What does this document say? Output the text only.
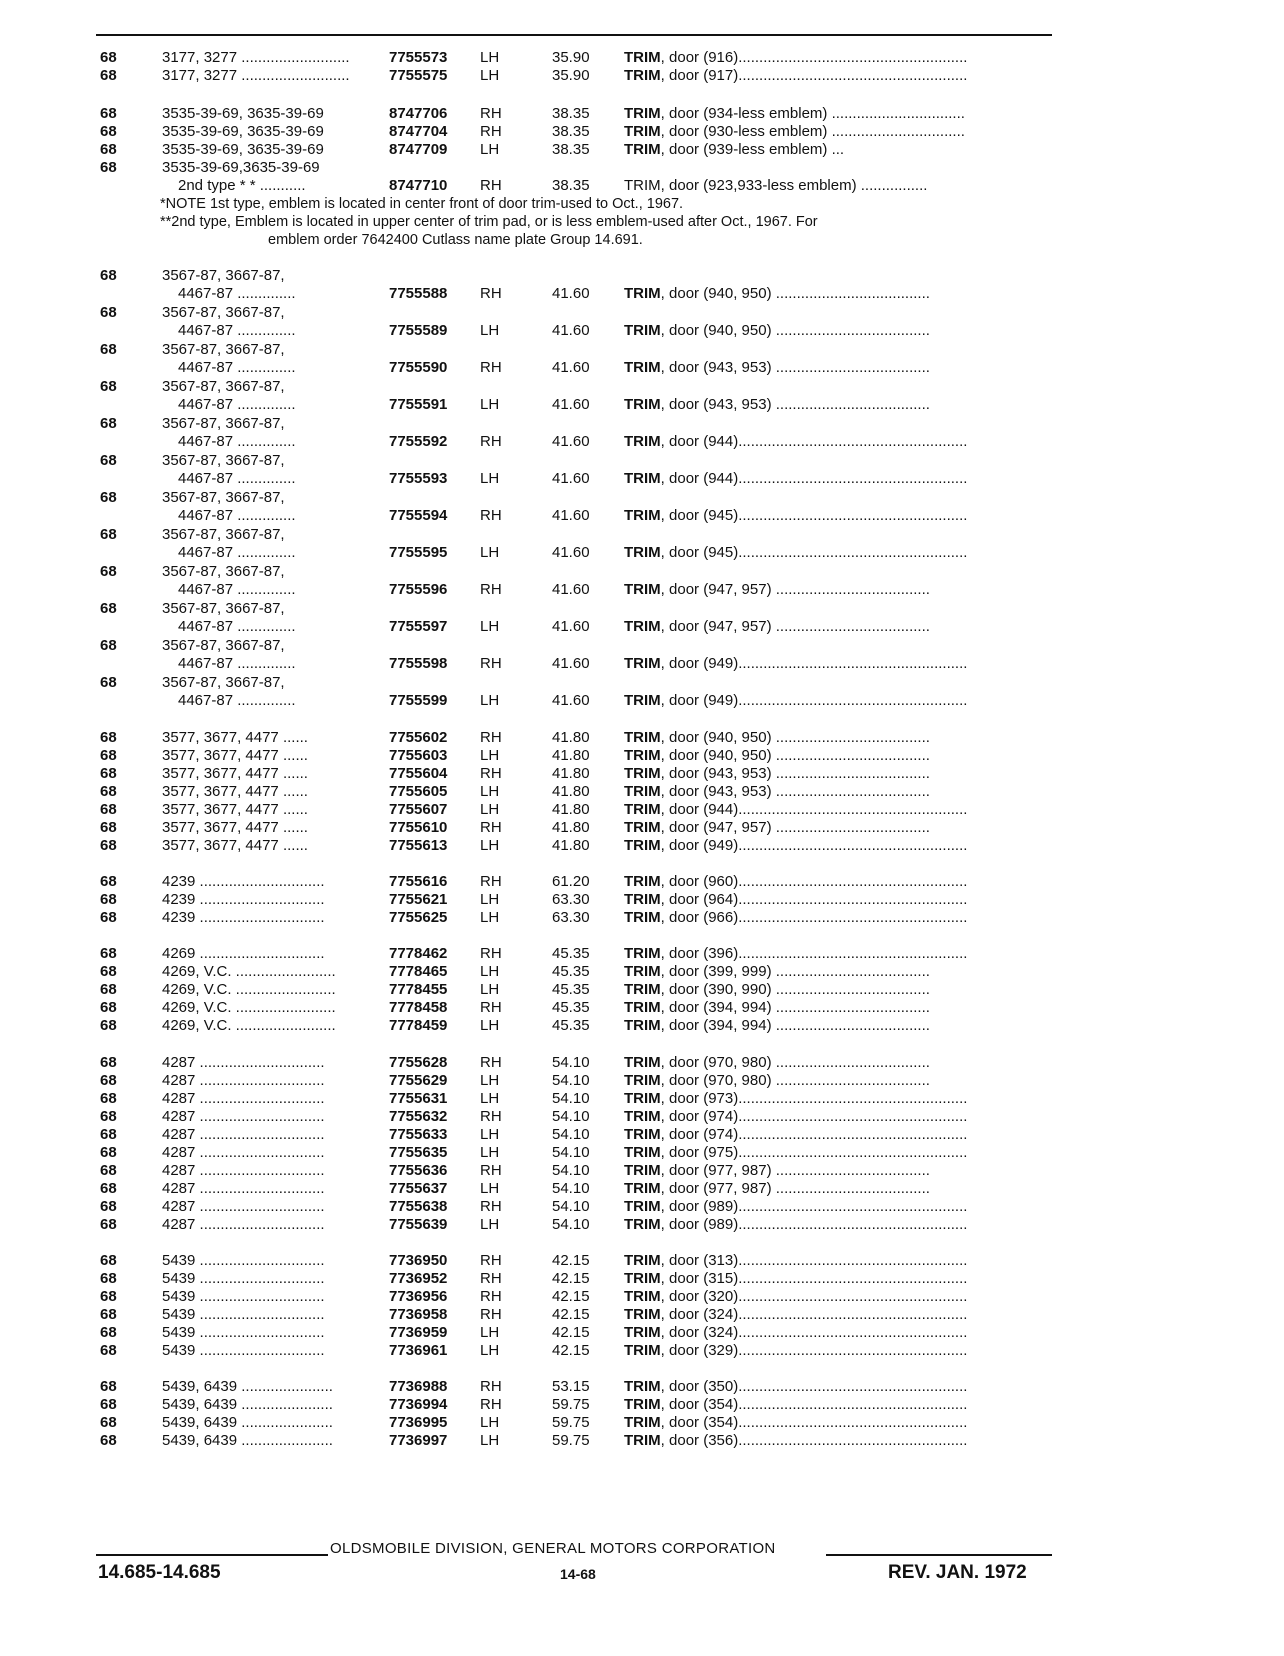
68	3177, 3277 ..........................	7755573 LH	35.90 TRIM, door (916).......................................................
68	3177, 3277 ..........................	7755575 LH	35.90 TRIM, door (917).......................................................
68	3535-39-69, 3635-39-69	8747706 RH	38.35 TRIM, door (934-less emblem) ................................
68	3535-39-69, 3635-39-69	8747704 RH	38.35 TRIM, door (930-less emblem) ................................
68	3535-39-69, 3635-39-69	8747709 LH	38.35 TRIM, door (939-less emblem) ...
68	3535-39-69,3635-39-69
2nd type * * ...........	8747710 RH	38.35 TRIM, door (923,933-less emblem) ................
68	3567-87, 3667-87,
4467-87 ..............	7755588 RH	41.60 TRIM, door (940, 950) .....................................
68	3567-87, 3667-87,
4467-87 ..............	7755589 LH	41.60 TRIM, door (940, 950) .....................................
68	3567-87, 3667-87,
4467-87 ..............	7755590 RH	41.60 TRIM, door (943, 953) .....................................
68	3567-87, 3667-87,
4467-87 ..............	7755591 LH	41.60 TRIM, door (943, 953) .....................................
68	3567-87, 3667-87,
4467-87 ..............	7755592 RH	41.60 TRIM, door (944).......................................................
68	3567-87, 3667-87,
4467-87 ..............	7755593 LH	41.60 TRIM, door (944).......................................................
68	3567-87, 3667-87,
4467-87 ..............	7755594 RH	41.60 TRIM, door (945).......................................................
68	3567-87, 3667-87,
4467-87 ..............	7755595 LH	41.60 TRIM, door (945).......................................................
68	3567-87, 3667-87,
4467-87 ..............	7755596 RH	41.60 TRIM, door (947, 957) .....................................
68	3567-87, 3667-87,
4467-87 ..............	7755597 LH	41.60 TRIM, door (947, 957) .....................................
68	3567-87, 3667-87,
4467-87 ..............	7755598 RH	41.60 TRIM, door (949).......................................................
68	3567-87, 3667-87,
4467-87 ..............	7755599 LH	41.60 TRIM, door (949).......................................................
68	3577, 3677, 4477 ......	7755602 RH	41.80 TRIM, door (940, 950) .....................................
68	3577, 3677, 4477 ......	7755603 LH	41.80 TRIM, door (940, 950) .....................................
68	3577, 3677, 4477 ......	7755604 RH	41.80 TRIM, door (943, 953) .....................................
68	3577, 3677, 4477 ......	7755605 LH	41.80 TRIM, door (943, 953) .....................................
68	3577, 3677, 4477 ......	7755607 LH	41.80 TRIM, door (944).......................................................
68	3577, 3677, 4477 ......	7755610 RH	41.80 TRIM, door (947, 957) .....................................
68	3577, 3677, 4477 ......	7755613 LH	41.80 TRIM, door (949).......................................................
68	4239 ..............................	7755616 RH	61.20 TRIM, door (960).......................................................
68	4239 ..............................	7755621 LH	63.30 TRIM, door (964).......................................................
68	4239 ..............................	7755625 LH	63.30 TRIM, door (966).......................................................
68	4269 ..............................	7778462 RH	45.35 TRIM, door (396).......................................................
68	4269, V.C. ........................	7778465 LH	45.35 TRIM, door (399, 999) .....................................
68	4269, V.C. ........................	7778455 LH	45.35 TRIM, door (390, 990) .....................................
68	4269, V.C. ........................	7778458 RH	45.35 TRIM, door (394, 994) .....................................
68	4269, V.C. ........................	7778459 LH	45.35 TRIM, door (394, 994) .....................................
68	4287 ..............................	7755628 RH	54.10 TRIM, door (970, 980) .....................................
68	4287 ..............................	7755629 LH	54.10 TRIM, door (970, 980) .....................................
68	4287 ..............................	7755631 LH	54.10 TRIM, door (973).......................................................
68	4287 ..............................	7755632 RH	54.10 TRIM, door (974).......................................................
68	4287 ..............................	7755633 LH	54.10 TRIM, door (974).......................................................
68	4287 ..............................	7755635 LH	54.10 TRIM, door (975).......................................................
68	4287 ..............................	7755636 RH	54.10 TRIM, door (977, 987) .....................................
68	4287 ..............................	7755637 LH	54.10 TRIM, door (977, 987) .....................................
68	4287 ..............................	7755638 RH	54.10 TRIM, door (989).......................................................
68	4287 ..............................	7755639 LH	54.10 TRIM, door (989).......................................................
68	5439 ..............................	7736950 RH	42.15 TRIM, door (313).......................................................
68	5439 ..............................	7736952 RH	42.15 TRIM, door (315).......................................................
68	5439 ..............................	7736956 RH	42.15 TRIM, door (320).......................................................
68	5439 ..............................	7736958 RH	42.15 TRIM, door (324).......................................................
68	5439 ..............................	7736959 LH	42.15 TRIM, door (324).......................................................
68	5439 ..............................	7736961 LH	42.15 TRIM, door (329).......................................................
68	5439, 6439 ......................	7736988 RH	53.15 TRIM, door (350).......................................................
68	5439, 6439 ......................	7736994 RH	59.75 TRIM, door (354).......................................................
68	5439, 6439 ......................	7736995 LH	59.75 TRIM, door (354).......................................................
68	5439, 6439 ......................	7736997 LH	59.75 TRIM, door (356).......................................................
*NOTE 1st type, emblem is located in center front of door trim-used to Oct., 1967.
**2nd type, Emblem is located in upper center of trim pad, or is less emblem-used after Oct., 1967. For
emblem order 7642400 Cutlass name plate Group 14.691.
OLDSMOBILE DIVISION, GENERAL MOTORS CORPORATION
14.685-14.685	14-68	REV. JAN. 1972
